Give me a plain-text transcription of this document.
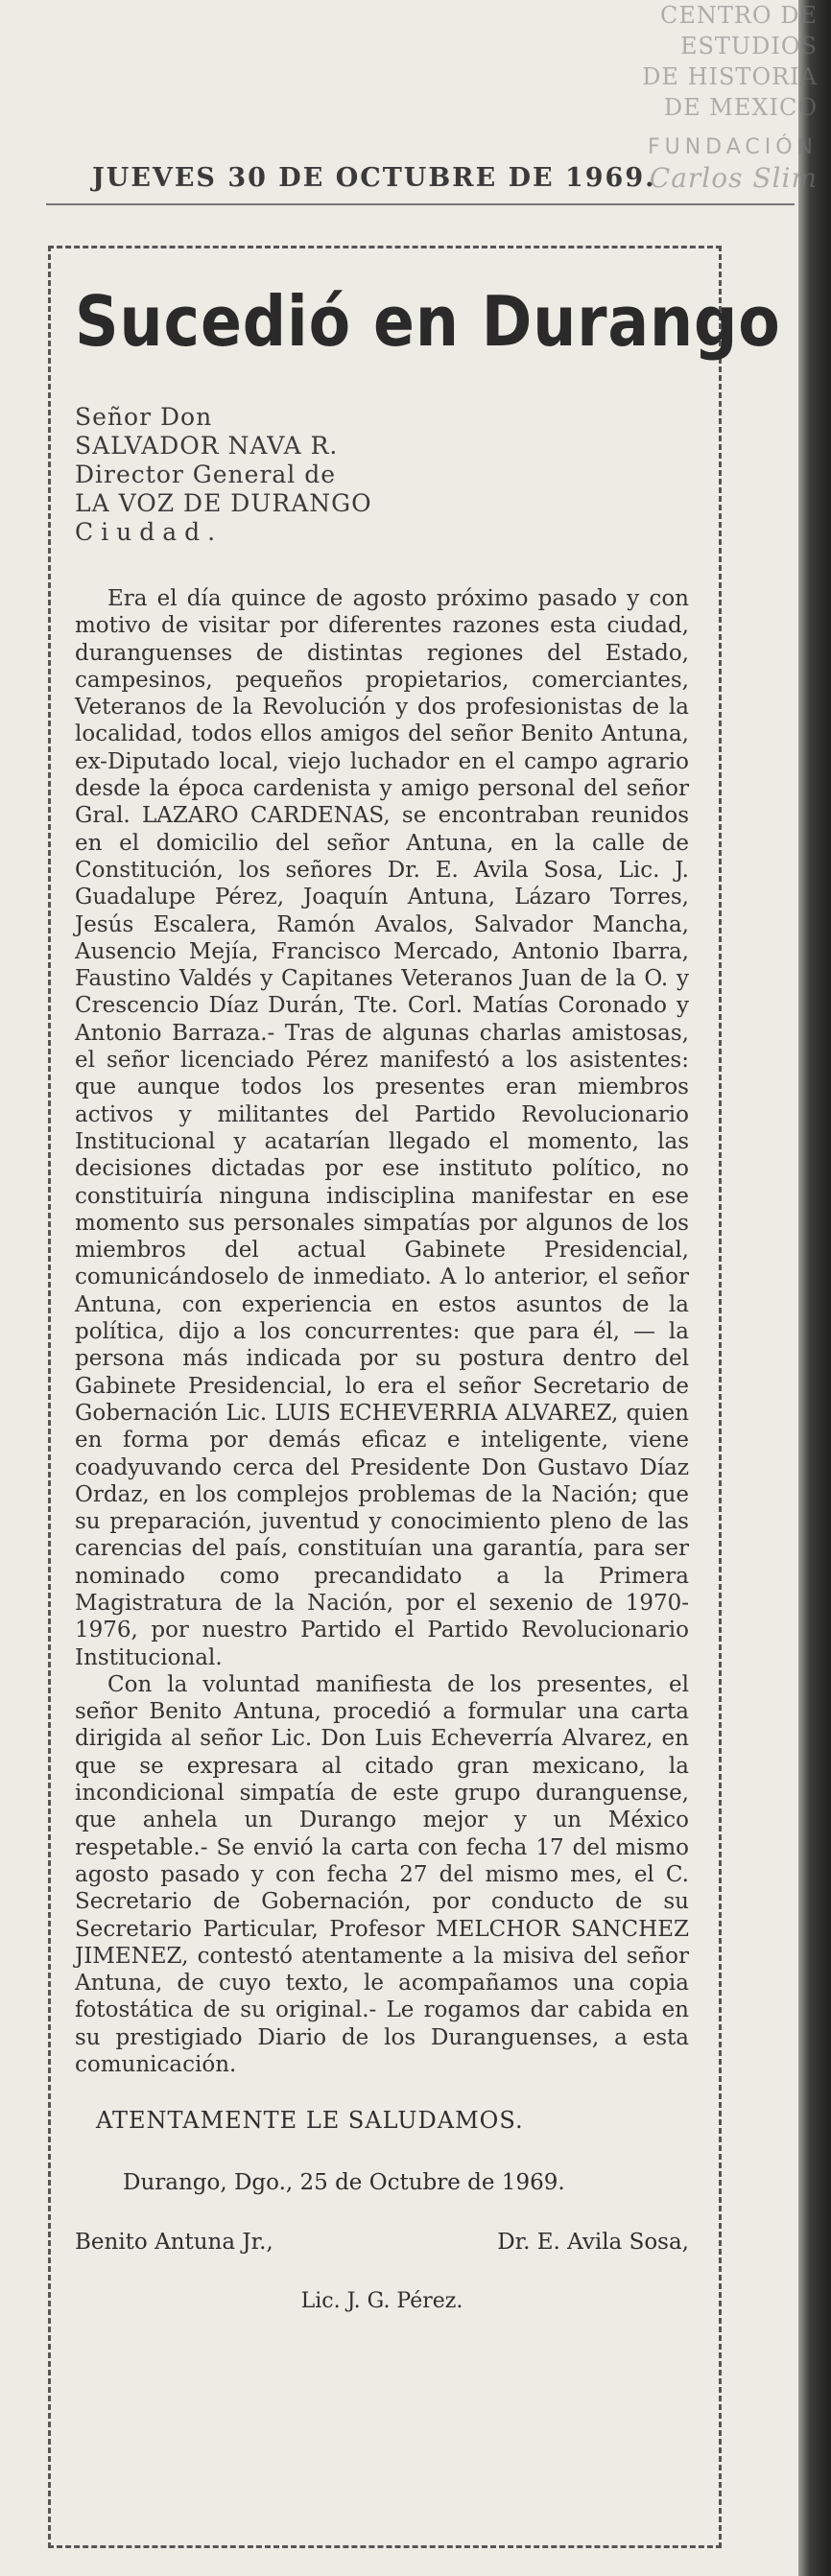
CENTRO DE
ESTUDIOS
DE HISTORIA
DE MEXICO
FUNDACIÓN
Carlos Slim
JUEVES 30 DE OCTUBRE DE 1969.
Sucedió en Durango
Señor Don
SALVADOR NAVA R.
Director General de
LA VOZ DE DURANGO
Ciudad.

Era el día quince de agosto próximo pasado y con motivo de visitar por diferentes razones esta ciudad, duranguenses de distintas regiones del Estado, campesinos, pequeños propietarios, comerciantes, Veteranos de la Revolución y dos profesionistas de la localidad, todos ellos amigos del señor Benito Antuna, ex-Diputado local, viejo luchador en el campo agrario desde la época cardenista y amigo personal del señor Gral. LAZARO CARDENAS, se encontraban reunidos en el domicilio del señor Antuna, en la calle de Constitución, los señores Dr. E. Avila Sosa, Lic. J. Guadalupe Pérez, Joaquín Antuna, Lázaro Torres, Jesús Escalera, Ramón Avalos, Salvador Mancha, Ausencio Mejía, Francisco Mercado, Antonio Ibarra, Faustino Valdés y Capitanes Veteranos Juan de la O. y Crescencio Díaz Durán, Tte. Corl. Matías Coronado y Antonio Barraza.- Tras de algunas charlas amistosas, el señor licenciado Pérez manifestó a los asistentes: que aunque todos los presentes eran miembros activos y militantes del Partido Revolucionario Institucional y acatarían llegado el momento, las decisiones dictadas por ese instituto político, no constituiría ninguna indisciplina manifestar en ese momento sus personales simpatías por algunos de los miembros del actual Gabinete Presidencial, comunicándoselo de inmediato. A lo anterior, el señor Antuna, con experiencia en estos asuntos de la política, dijo a los concurrentes: que para él, — la persona más indicada por su postura dentro del Gabinete Presidencial, lo era el señor Secretario de Gobernación Lic. LUIS ECHEVERRIA ALVAREZ, quien en forma por demás eficaz e inteligente, viene coadyuvando cerca del Presidente Don Gustavo Díaz Ordaz, en los complejos problemas de la Nación; que su preparación, juventud y conocimiento pleno de las carencias del país, constituían una garantía, para ser nominado como precandidato a la Primera Magistratura de la Nación, por el sexenio de 1970-1976, por nuestro Partido el Partido Revolucionario Institucional.

Con la voluntad manifiesta de los presentes, el señor Benito Antuna, procedió a formular una carta dirigida al señor Lic. Don Luis Echeverría Alvarez, en que se expresara al citado gran mexicano, la incondicional simpatía de este grupo duranguense, que anhela un Durango mejor y un México respetable.- Se envió la carta con fecha 17 del mismo agosto pasado y con fecha 27 del mismo mes, el C. Secretario de Gobernación, por conducto de su Secretario Particular, Profesor MELCHOR SANCHEZ JIMENEZ, contestó atentamente a la misiva del señor Antuna, de cuyo texto, le acompañamos una copia fotostática de su original.- Le rogamos dar cabida en su prestigiado Diario de los Duranguenses, a esta comunicación.

ATENTAMENTE LE SALUDAMOS.
Durango, Dgo., 25 de Octubre de 1969.
Benito Antuna Jr.,	Dr. E. Avila Sosa,
Lic. J. G. Pérez.
